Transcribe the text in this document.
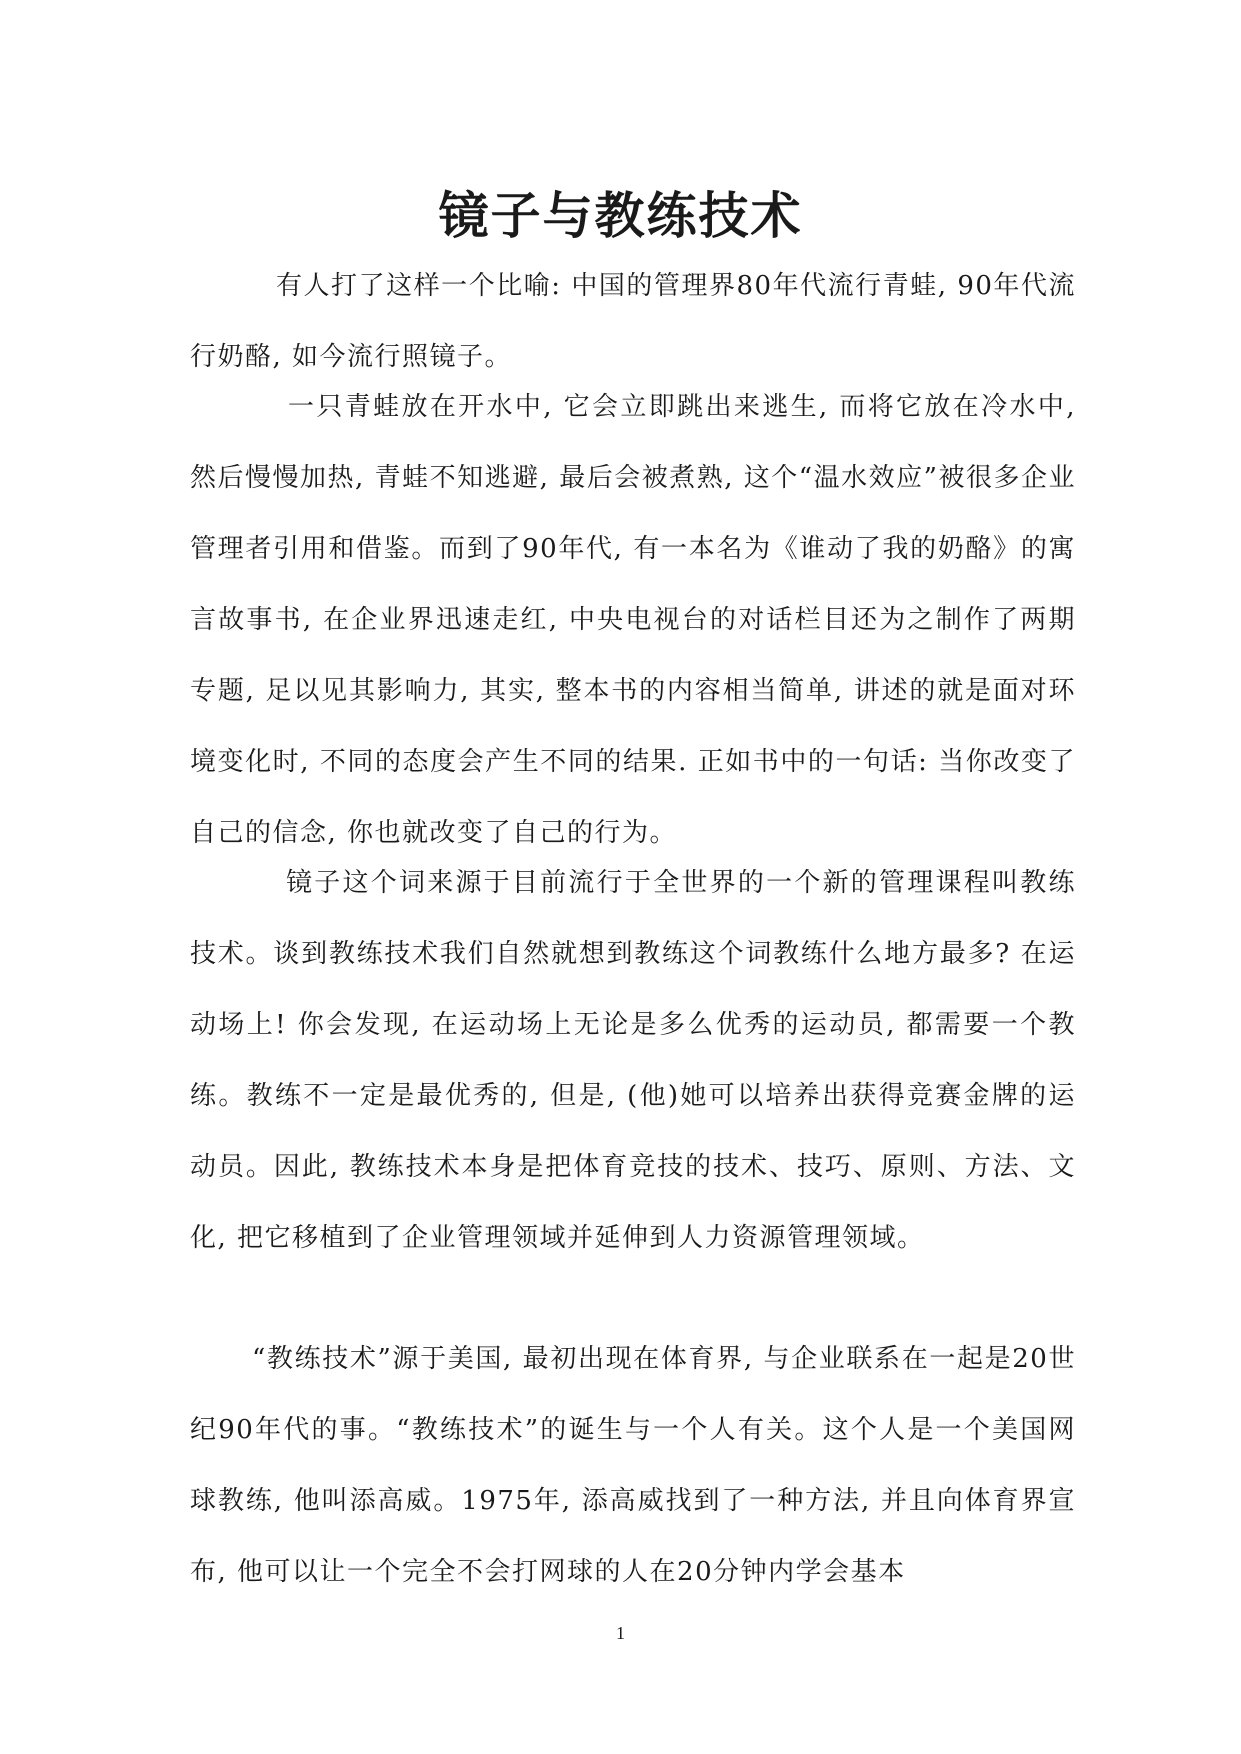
镜子与教练技术

有人打了这样一个比喻: 中国的管理界80年代流行青蛙, 90年代流行奶酪, 如今流行照镜子。

一只青蛙放在开水中, 它会立即跳出来逃生, 而将它放在冷水中, 然后慢慢加热, 青蛙不知逃避, 最后会被煮熟, 这个“温水效应”被很多企业管理者引用和借鉴。而到了90年代, 有一本名为《谁动了我的奶酪》的寓言故事书, 在企业界迅速走红, 中央电视台的对话栏目还为之制作了两期专题, 足以见其影响力, 其实, 整本书的内容相当简单, 讲述的就是面对环境变化时, 不同的态度会产生不同的结果. 正如书中的一句话: 当你改变了自己的信念, 你也就改变了自己的行为。

镜子这个词来源于目前流行于全世界的一个新的管理课程叫教练技术。谈到教练技术我们自然就想到教练这个词教练什么地方最多? 在运动场上! 你会发现, 在运动场上无论是多么优秀的运动员, 都需要一个教练。教练不一定是最优秀的, 但是, (他)她可以培养出获得竞赛金牌的运动员。因此, 教练技术本身是把体育竞技的技术、技巧、原则、方法、文化, 把它移植到了企业管理领域并延伸到人力资源管理领域。

“教练技术”源于美国, 最初出现在体育界, 与企业联系在一起是20世纪90年代的事。“教练技术”的诞生与一个人有关。这个人是一个美国网球教练, 他叫添高威。1975年, 添高威找到了一种方法, 并且向体育界宣布, 他可以让一个完全不会打网球的人在20分钟内学会基本

1
